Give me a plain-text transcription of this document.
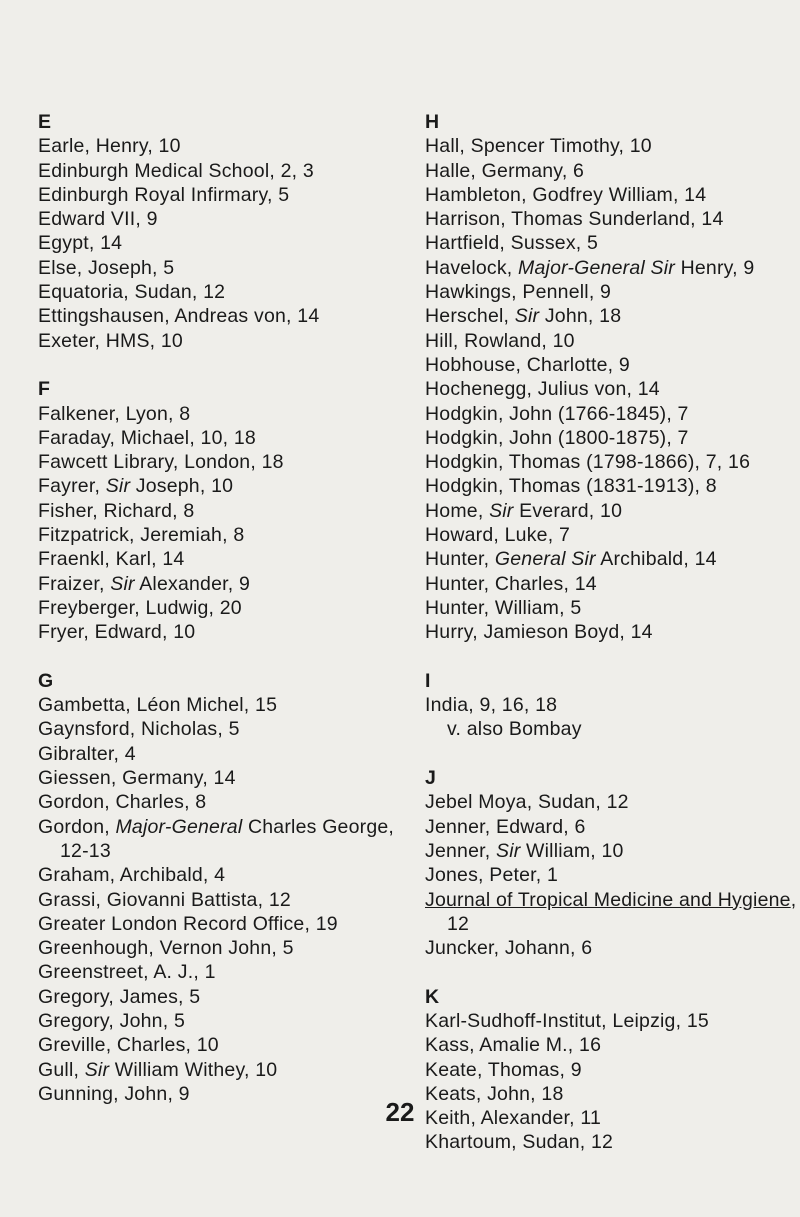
E
Earle, Henry, 10
Edinburgh Medical School, 2, 3
Edinburgh Royal Infirmary, 5
Edward VII, 9
Egypt, 14
Else, Joseph, 5
Equatoria, Sudan, 12
Ettingshausen, Andreas von, 14
Exeter, HMS, 10
F
Falkener, Lyon, 8
Faraday, Michael, 10, 18
Fawcett Library, London, 18
Fayrer, Sir Joseph, 10
Fisher, Richard, 8
Fitzpatrick, Jeremiah, 8
Fraenkl, Karl, 14
Fraizer, Sir Alexander, 9
Freyberger, Ludwig, 20
Fryer, Edward, 10
G
Gambetta, Léon Michel, 15
Gaynsford, Nicholas, 5
Gibralter, 4
Giessen, Germany, 14
Gordon, Charles, 8
Gordon, Major-General Charles George,
12-13
Graham, Archibald, 4
Grassi, Giovanni Battista, 12
Greater London Record Office, 19
Greenhough, Vernon John, 5
Greenstreet, A. J., 1
Gregory, James, 5
Gregory, John, 5
Greville, Charles, 10
Gull, Sir William Withey, 10
Gunning, John, 9
H
Hall, Spencer Timothy, 10
Halle, Germany, 6
Hambleton, Godfrey William, 14
Harrison, Thomas Sunderland, 14
Hartfield, Sussex, 5
Havelock, Major-General Sir Henry, 9
Hawkings, Pennell, 9
Herschel, Sir John, 18
Hill, Rowland, 10
Hobhouse, Charlotte, 9
Hochenegg, Julius von, 14
Hodgkin, John (1766-1845), 7
Hodgkin, John (1800-1875), 7
Hodgkin, Thomas (1798-1866), 7, 16
Hodgkin, Thomas (1831-1913), 8
Home, Sir Everard, 10
Howard, Luke, 7
Hunter, General Sir Archibald, 14
Hunter, Charles, 14
Hunter, William, 5
Hurry, Jamieson Boyd, 14
I
India, 9, 16, 18
v. also Bombay
J
Jebel Moya, Sudan, 12
Jenner, Edward, 6
Jenner, Sir William, 10
Jones, Peter, 1
Journal of Tropical Medicine and Hygiene,
12
Juncker, Johann, 6
K
Karl-Sudhoff-Institut, Leipzig, 15
Kass, Amalie M., 16
Keate, Thomas, 9
Keats, John, 18
Keith, Alexander, 11
Khartoum, Sudan, 12
22
